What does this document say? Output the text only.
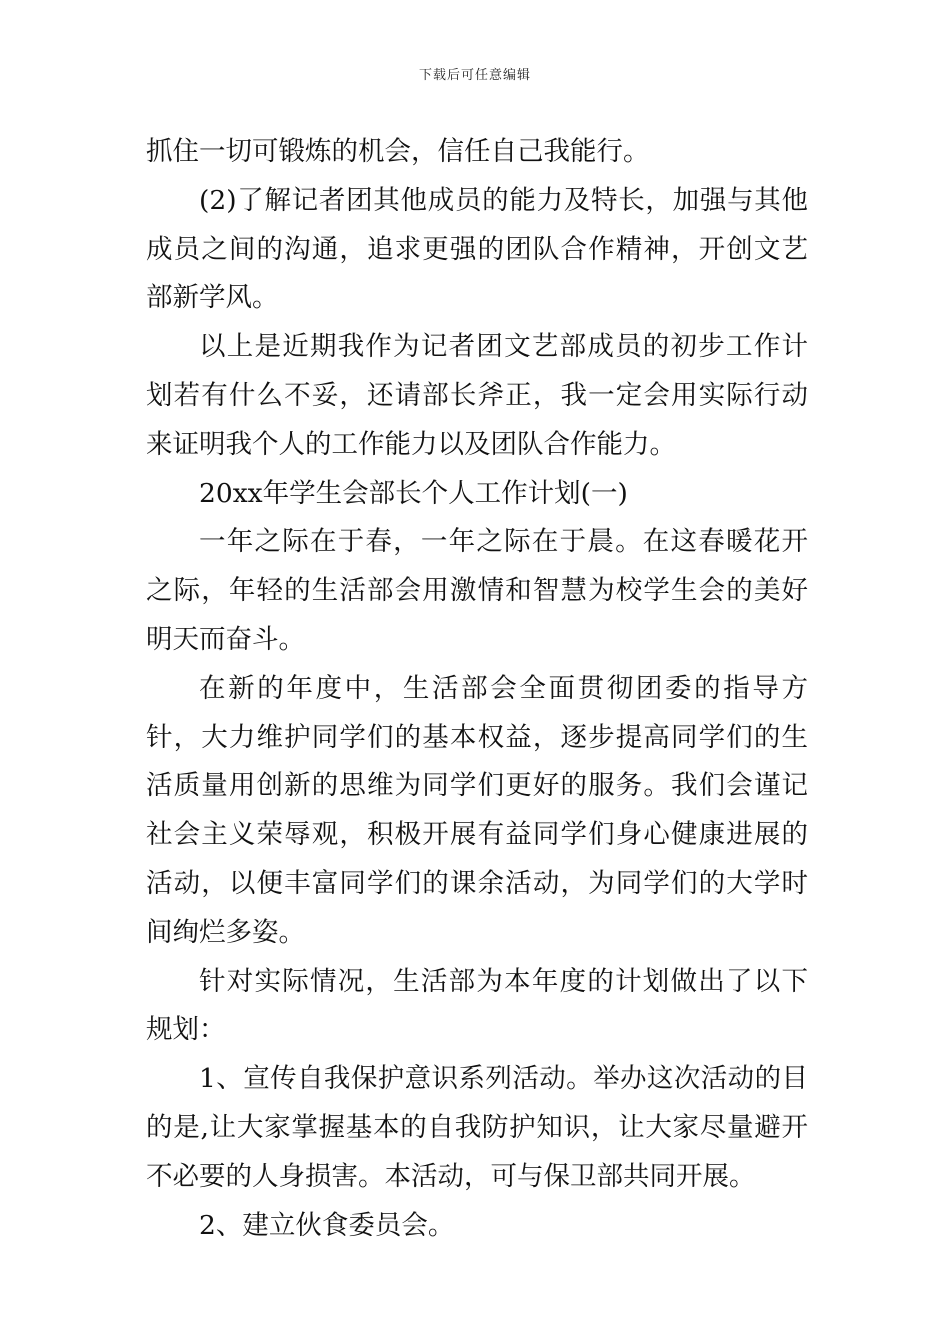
下载后可任意编辑

抓住一切可锻炼的机会，信任自己我能行。

(2)了解记者团其他成员的能力及特长，加强与其他成员之间的沟通，追求更强的团队合作精神，开创文艺部新学风。

以上是近期我作为记者团文艺部成员的初步工作计划若有什么不妥，还请部长斧正，我一定会用实际行动来证明我个人的工作能力以及团队合作能力。

20xx年学生会部长个人工作计划(一)

一年之际在于春，一年之际在于晨。在这春暖花开之际，年轻的生活部会用激情和智慧为校学生会的美好明天而奋斗。

在新的年度中，生活部会全面贯彻团委的指导方针，大力维护同学们的基本权益，逐步提高同学们的生活质量用创新的思维为同学们更好的服务。我们会谨记社会主义荣辱观，积极开展有益同学们身心健康进展的活动，以便丰富同学们的课余活动，为同学们的大学时间绚烂多姿。

针对实际情况，生活部为本年度的计划做出了以下规划：

1、宣传自我保护意识系列活动。举办这次活动的目的是,让大家掌握基本的自我防护知识，让大家尽量避开不必要的人身损害。本活动，可与保卫部共同开展。

2、建立伙食委员会。
